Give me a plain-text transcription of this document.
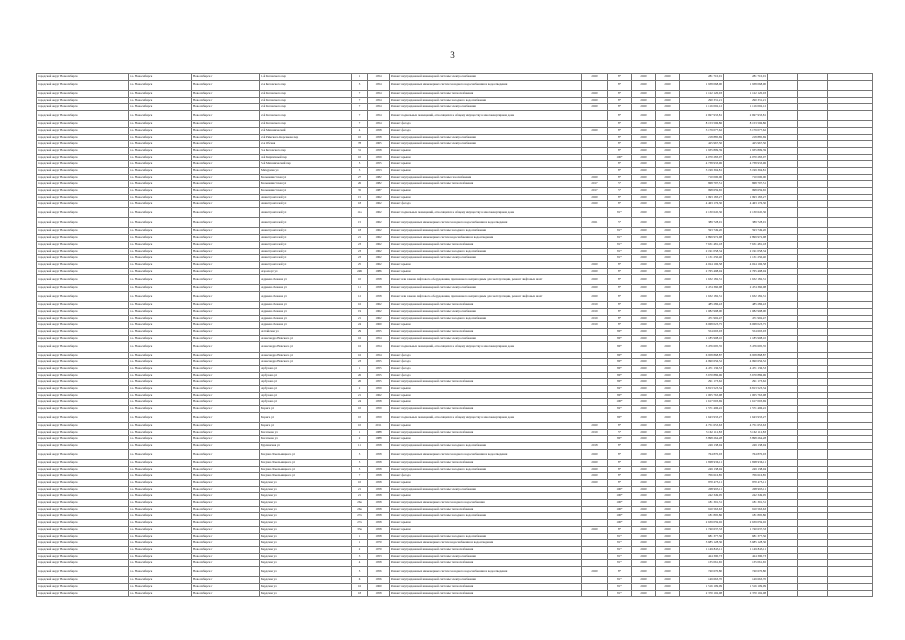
3
городской округ Новосибирск	г.о. Новосибирск	Новосибирск г	1-й Котовского пер	1	1954	Ремонт внутридомовой инженерной системы электроснабжения	2020	8*	2020	2020	281 710,01	281 710,01			
городской округ Новосибирск	г.о. Новосибирск	Новосибирск г	2-я Котовского пер	5	1954	Ремонт внутридомовых инженерных систем холодного водоснабжения и водоотведения		8*	2020	2020	1 938 068,90	1 938 068,90			
городской округ Новосибирск	г.о. Новосибирск	Новосибирск г	2-й Котовского пер	7	1954	Ремонт внутридомовой инженерной системы теплоснабжения	2020	8*	2020	2020	1 122 120,03	1 122 120,03			
городской округ Новосибирск	г.о. Новосибирск	Новосибирск г	2-й Котовского пер	7	1954	Ремонт внутридомовой инженерной системы холодного водоснабжения	2020	8*	2020	2020	290 331,21	290 331,21			
городской округ Новосибирск	г.о. Новосибирск	Новосибирск г	2-й Котовского пер	7	1954	Ремонт внутридомовой инженерной системы электроснабжения	2020	8*	2020	2020	1 116 092,12	1 116 092,12			
городской округ Новосибирск	г.о. Новосибирск	Новосибирск г	2-й Котовского пер	7	1954	Ремонт подвальных помещений, относящихся к общему имуществу в многоквартирном доме		8*	2020	2020	2 697 933,81	2 697 933,81			
городской округ Новосибирск	г.о. Новосибирск	Новосибирск г	2-й Котовского пер	7	1954	Ремонт фасада		8*	2020	2020	8 153 596,86	8 153 596,86			
городской округ Новосибирск	г.о. Новосибирск	Новосибирск г	2-й Механический	4	1958	Ремонт фасада	2020	8*	2020	2020	3 179 077,62	3 179 077,62			
городской округ Новосибирск	г.о. Новосибирск	Новосибирск г	2-й Римского-Корсакова пер	10	1958	Ремонт внутридомовой инженерной системы электроснабжения		8*	2020	2020	218 885,69	218 885,69			
городской округ Новосибирск	г.о. Новосибирск	Новосибирск г	2-я Обская	78	1965	Ремонт внутридомовой инженерной системы электроснабжения		8*	2020	2020	425 967,50	425 967,50			
городской округ Новосибирск	г.о. Новосибирск	Новосибирск г	3-я Котовского пер	31	1958	Ремонт крыши		8*	2020	2020	1 935 899,39	1 935 899,39			
городской округ Новосибирск	г.о. Новосибирск	Новосибирск г	4-й Кирпичный пер	10	1959	Ремонт крыши		100*	2020	2020	4 070 283,07	4 070 283,07			
городской округ Новосибирск	г.о. Новосибирск	Новосибирск г	5-й Механический пер	5	1955	Ремонт крыши		8*	2020	2020	4 738 933,96	4 738 933,96			
городской округ Новосибирск	г.о. Новосибирск	Новосибирск г	Мичурина ул	3	1953	Ремонт крыши		8*	2020	2020	3 199 394,81	3 199 394,81			
городской округ Новосибирск	г.о. Новосибирск	Новосибирск г	Большевистская ул	27	1982	Ремонт внутридомовой инженерной системы газоснабжения	2020	8*	2020	2020	710 000,00	710 000,00			
городской округ Новосибирск	г.о. Новосибирск	Новосибирск г	Большевистская ул	26	1982	Ремонт внутридомовой инженерной системы теплоснабжения	2017	5*	2020	2020	868 797,51	868 797,51			
городской округ Новосибирск	г.о. Новосибирск	Новосибирск г	Большевистская ул	35	1987	Ремонт крыши	2017	5*	2020	2020	998 659,65	998 659,65			
городской округ Новосибирск	г.о. Новосибирск	Новосибирск г	Авиастроителей ул	15	1962	Ремонт крыши	2020	8*	2020	2020	1 993 183,27	1 993 183,27			
городской округ Новосибирск	г.о. Новосибирск	Новосибирск г	Авиастроителей ул	18	1962	Ремонт фасада	2020	8*	2020	2020	4 463 176,30	4 463 176,30			
городской округ Новосибирск	г.о. Новосибирск	Новосибирск г	Авиастроителей ул	11а	1962	Ремонт подвальных помещений, относящихся к общему имуществу в многоквартирном доме		81*	2020	2020	2 130 645,36	2 130 645,36			
городской округ Новосибирск	г.о. Новосибирск	Новосибирск г	Авиастроителей ул	15	1962	Ремонт внутридомовых инженерных систем холодного водоснабжения и водоотведения	2021	5*	2020	2020	389 728,01	389 728,01			
городской округ Новосибирск	г.о. Новосибирск	Новосибирск г	Авиастроителей ул	18	1962	Ремонт внутридомовой инженерной системы холодного водоснабжения		81*	2020	2020	593 749,20	593 749,20			
городской округ Новосибирск	г.о. Новосибирск	Новосибирск г	Авиастроителей ул	21	1962	Ремонт внутридомовых инженерных систем водоснабжения и водоотведения		81*	2020	2020	2 899 972,98	2 899 972,98			
городской округ Новосибирск	г.о. Новосибирск	Новосибирск г	Авиастроителей ул	23	1962	Ремонт внутридомовой инженерной системы теплоснабжения		81*	2020	2020	7 631 481,18	7 631 481,18			
городской округ Новосибирск	г.о. Новосибирск	Новосибирск г	Авиастроителей ул	23	1962	Ремонт внутридомовой инженерной системы холодного водоснабжения		81*	2020	2020	2 191 058,34	2 191 058,34			
городской округ Новосибирск	г.о. Новосибирск	Новосибирск г	Авиастроителей ул	23	1962	Ремонт внутридомовой инженерной системы электроснабжения		81*	2020	2020	1 131 250,40	1 131 250,40			
городской округ Новосибирск	г.о. Новосибирск	Новосибирск г	Авиастроителей ул	25	1962	Ремонт крыши	2020	8*	2020	2020	4 024 196,58	4 024 196,58			
городской округ Новосибирск	г.о. Новосибирск	Новосибирск г	Аэропорт ул	24Б	1986	Ремонт крыши	2020	8*	2020	2020	2 765 498,04	2 765 498,04			
городской округ Новосибирск	г.о. Новосибирск	Новосибирск г	Адриена Лежена ул	10	1958	Ремонт или замена лифтового оборудования, признанного непригодным для эксплуатации, ремонт лифтовых шахт	2020	8*	2020	2020	1 632 182,31	1 632 182,31			
городской округ Новосибирск	г.о. Новосибирск	Новосибирск г	Адриена Лежена ул	11	1958	Ремонт внутридомовой инженерной системы электроснабжения	2020	8*	2020	2020	2 474 360,08	2 474 360,08			
городской округ Новосибирск	г.о. Новосибирск	Новосибирск г	Адриена Лежена ул	12	1958	Ремонт или замена лифтового оборудования, признанного непригодным для эксплуатации, ремонт лифтовых шахт	2020	8*	2020	2020	1 632 182,31	1 632 182,31			
городской округ Новосибирск	г.о. Новосибирск	Новосибирск г	Адриена Лежена ул	16	1962	Ремонт внутридомовой инженерной системы теплоснабжения	2019	8*	2020	2020	485 286,43	485 286,43			
городской округ Новосибирск	г.о. Новосибирск	Новосибирск г	Адриена Лежена ул	19	1962	Ремонт внутридомовой инженерной системы электроснабжения	2019	8*	2020	2020	1 082 998,00	1 082 998,00			
городской округ Новосибирск	г.о. Новосибирск	Новосибирск г	Адриена Лежена ул	21	1962	Ремонт внутридомовой инженерной системы холодного водоснабжения	2019	8*	2020	2020	471 992,47	471 992,47			
городской округ Новосибирск	г.о. Новосибирск	Новосибирск г	Адриена Лежена ул	24	1960	Ремонт крыши	2019	8*	2020	2020	6 068 023,75	6 068 023,75			
городской округ Новосибирск	г.о. Новосибирск	Новосибирск г	Алтайская ул	29	1955	Ремонт внутридомовой инженерной системы теплоснабжения		80*	2020	2020	554 693,03	554 693,03			
городской округ Новосибирск	г.о. Новосибирск	Новосибирск г	Александра Невского ул	16	1954	Ремонт внутридомовой инженерной системы электроснабжения		80*	2020	2020	1 185 908,10	1 185 908,10			
городской округ Новосибирск	г.о. Новосибирск	Новосибирск г	Александра Невского ул	16	1954	Ремонт подвальных помещений, относящихся к общему имуществу в многоквартирном доме		80*	2020	2020	3 476 695,35	3 476 695,35			
городской округ Новосибирск	г.о. Новосибирск	Новосибирск г	Александра Невского ул	16	1954	Ремонт фасада		80*	2020	2020	6 958 868,87	6 958 868,87			
городской округ Новосибирск	г.о. Новосибирск	Новосибирск г	Александра Невского ул	23	1955	Ремонт фасада		80*	2020	2020	4 990 656,52	4 990 656,52			
городской округ Новосибирск	г.о. Новосибирск	Новосибирск г	Арбузова ул	1	1955	Ремонт фасада		80*	2020	2020	4 471 136,53	4 471 136,53			
городской округ Новосибирск	г.о. Новосибирск	Новосибирск г	Арбузова ул	26	1955	Ремонт фасада		80*	2020	2020	3 670 886,96	3 670 886,96			
городской округ Новосибирск	г.о. Новосибирск	Новосибирск г	Арбузова ул	26	1955	Ремонт внутридомовой инженерной системы теплоснабжения		80*	2020	2020	291 173,62	291 173,62			
городской округ Новосибирск	г.о. Новосибирск	Новосибирск г	Арбузова ул	2	1959	Ремонт крыши		82*	2020	2020	6 813 523,34	6 813 523,34			
городской округ Новосибирск	г.о. Новосибирск	Новосибирск г	Арбузова ул	21	1962	Ремонт крыши		80*	2020	2020	1 005 763,98	1 005 763,98			
городской округ Новосибирск	г.о. Новосибирск	Новосибирск г	Арбузова ул	24	1958	Ремонт крыши		100*	2020	2020	1 617 003,69	1 617 003,69			
городской округ Новосибирск	г.о. Новосибирск	Новосибирск г	Бориса ул	10	1959	Ремонт внутридомовой инженерной системы теплоснабжения		82*	2020	2020	1 571 496,22	1 571 496,22			
городской округ Новосибирск	г.о. Новосибирск	Новосибирск г	Бориса ул	10	1959	Ремонт подвальных помещений, относящихся к общему имуществу в многоквартирном доме		80*	2020	2020	1 643 933,27	1 643 933,27			
городской округ Новосибирск	г.о. Новосибирск	Новосибирск г	Бориса ул	10	2011	Ремонт крыши	2020	8*	2020	2020	4 751 653,63	4 751 653,63			
городской округ Новосибирск	г.о. Новосибирск	Новосибирск г	Богаткова ул	1	1988	Ремонт внутридомовой инженерной системы теплоснабжения	2019	5*	2020	2020	3 162 112,83	3 162 112,83			
городской округ Новосибирск	г.о. Новосибирск	Новосибирск г	Богаткова ул	2	1988	Ремонт крыши		80*	2020	2020	3 898 264,28	3 898 264,28			
городской округ Новосибирск	г.о. Новосибирск	Новосибирск г	Бурлинская ул	11	1958	Ремонт внутридомовой инженерной системы холодного водоснабжения	2018	8*	2020	2020	249 138,04	249 138,04			
городской округ Новосибирск	г.о. Новосибирск	Новосибирск г	Богдана Хмельницкого ул	5	1958	Ремонт внутридомовых инженерных систем холодного водоснабжения и водоотведения	2020	8*	2020	2020	764 870,03	764 870,03			
городской округ Новосибирск	г.о. Новосибирск	Новосибирск г	Богдана Хмельницкого ул	5	1958	Ремонт внутридомовой инженерной системы теплоснабжения	2020	8*	2020	2020	1 808 936,11	1 808 936,11			
городской округ Новосибирск	г.о. Новосибирск	Новосибирск г	Богдана Хмельницкого ул	5	1958	Ремонт внутридомовой инженерной системы холодного водоснабжения	2020	8*	2020	2020	249 138,04	249 138,04			
городской округ Новосибирск	г.о. Новосибирск	Новосибирск г	Богдана Хмельницкого ул	7	1958	Ремонт фасада	2020	8*	2020	2020	706 616,85	706 616,85			
городской округ Новосибирск	г.о. Новосибирск	Новосибирск г	Бердская ул	10	1958	Ремонт крыши	2020	8*	2020	2020	870 475,11	870 475,11			
городской округ Новосибирск	г.о. Новосибирск	Новосибирск г	Бердская ул	21	1958	Ремонт внутридомовой инженерной системы электроснабжения		100*	2020	2020	208 993,11	208 993,11			
городской округ Новосибирск	г.о. Новосибирск	Новосибирск г	Бердская ул	21	1958	Ремонт крыши		100*	2020	2020	242 349,05	242 349,05			
городской округ Новосибирск	г.о. Новосибирск	Новосибирск г	Бердская ул	26а	1958	Ремонт внутридомовых инженерных систем холодного водоснабжения		100*	2020	2020	181 391,31	181 391,31			
городской округ Новосибирск	г.о. Новосибирск	Новосибирск г	Бердская ул	26а	1958	Ремонт внутридомовой инженерной системы теплоснабжения		100*	2020	2020	910 563,63	910 563,63			
городской округ Новосибирск	г.о. Новосибирск	Новосибирск г	Бердская ул	27а	1958	Ремонт внутридомовой инженерной системы холодного водоснабжения		100*	2020	2020	181 895,86	181 895,86			
городской округ Новосибирск	г.о. Новосибирск	Новосибирск г	Бердская ул	27а	1958	Ремонт крыши		100*	2020	2020	2 639 059,02	2 639 059,02			
городской округ Новосибирск	г.о. Новосибирск	Новосибирск г	Бердская ул	33а	1958	Ремонт крыши	2020	8*	2020	2020	1 740 637,33	1 740 637,33			
городской округ Новосибирск	г.о. Новосибирск	Новосибирск г	Бердская ул	1	1958	Ремонт внутридомовой инженерной системы холодного водоснабжения		81*	2020	2020	681 377,56	681 377,56			
городской округ Новосибирск	г.о. Новосибирск	Новосибирск г	Бердская ул	1	1970	Ремонт внутридомовых инженерных систем водоснабжения и водоотведения		81*	2020	2020	3 685 128,36	3 685 128,36			
городской округ Новосибирск	г.о. Новосибирск	Новосибирск г	Бердская ул	2	1970	Ремонт внутридомовой инженерной системы теплоснабжения		81*	2020	2020	1 149 843,11	1 149 843,11			
городской округ Новосибирск	г.о. Новосибирск	Новосибирск г	Бердская ул	3	1953	Ремонт внутридомовой инженерной системы электроснабжения		81*	2020	2020	424 390,73	424 390,73			
городской округ Новосибирск	г.о. Новосибирск	Новосибирск г	Бердская ул	4	1958	Ремонт внутридомовой инженерной системы теплоснабжения		81*	2020	2020	135 061,65	135 061,65			
городской округ Новосибирск	г.о. Новосибирск	Новосибирск г	Бердская ул	5	1956	Ремонт внутридомовых инженерных систем холодного водоснабжения и водоотведения	2020	8*	2020	2020	740 670,80	740 670,80			
городской округ Новосибирск	г.о. Новосибирск	Новосибирск г	Бердская ул	6	1956	Ремонт внутридомовой инженерной системы электроснабжения		81*	2020	2020	149 663,70	149 663,70			
городской округ Новосибирск	г.о. Новосибирск	Новосибирск г	Бердская ул	16	1960	Ремонт внутридомовой инженерной системы теплоснабжения		81*	2020	2020	1 516 109,09	1 516 109,09			
городской округ Новосибирск	г.о. Новосибирск	Новосибирск г	Бердская ул	18	1958	Ремонт внутридомовой инженерной системы теплоснабжения		81*	2020	2020	2 370 192,08	2 370 192,08			
